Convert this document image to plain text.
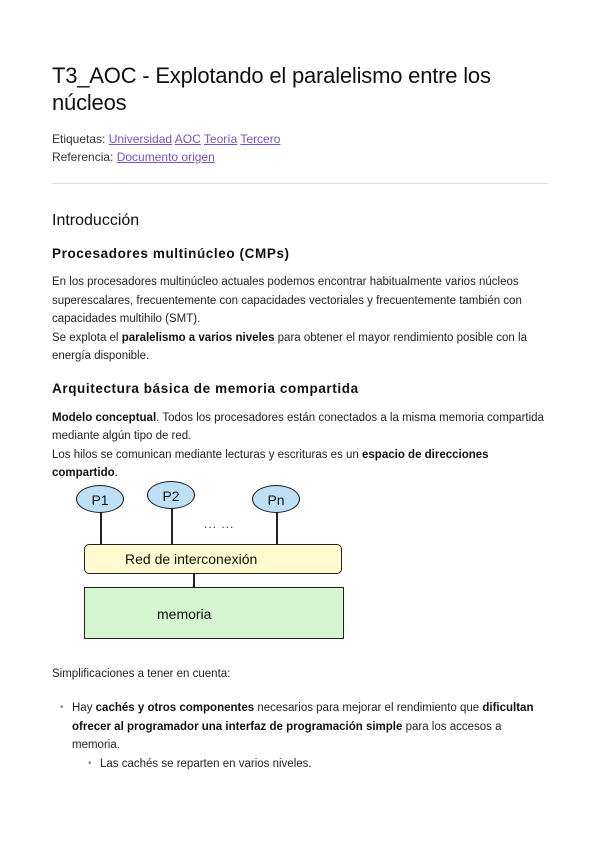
T3_AOC - Explotando el paralelismo entre los núcleos
Etiquetas: Universidad AOC Teoría Tercero
Referencia: Documento origen
Introducción
Procesadores multinúcleo (CMPs)

En los procesadores multinúcleo actuales podemos encontrar habitualmente varios núcleos superescalares, frecuentemente con capacidades vectoriales y frecuentemente también con capacidades multihilo (SMT).
Se explota el paralelismo a varios niveles para obtener el mayor rendimiento posible con la energía disponible.

Arquitectura básica de memoria compartida

Modelo conceptual. Todos los procesadores están conectados a la misma memoria compartida mediante algún tipo de red.
Los hilos se comunican mediante lecturas y escrituras es un espacio de direcciones compartido.

P1	P2	Pn
... ...
Red de interconexión
memoria

Simplificaciones a tener en cuenta:

• Hay cachés y otros componentes necesarios para mejorar el rendimiento que dificultan ofrecer al programador una interfaz de programación simple para los accesos a memoria.
• Las cachés se reparten en varios niveles.
